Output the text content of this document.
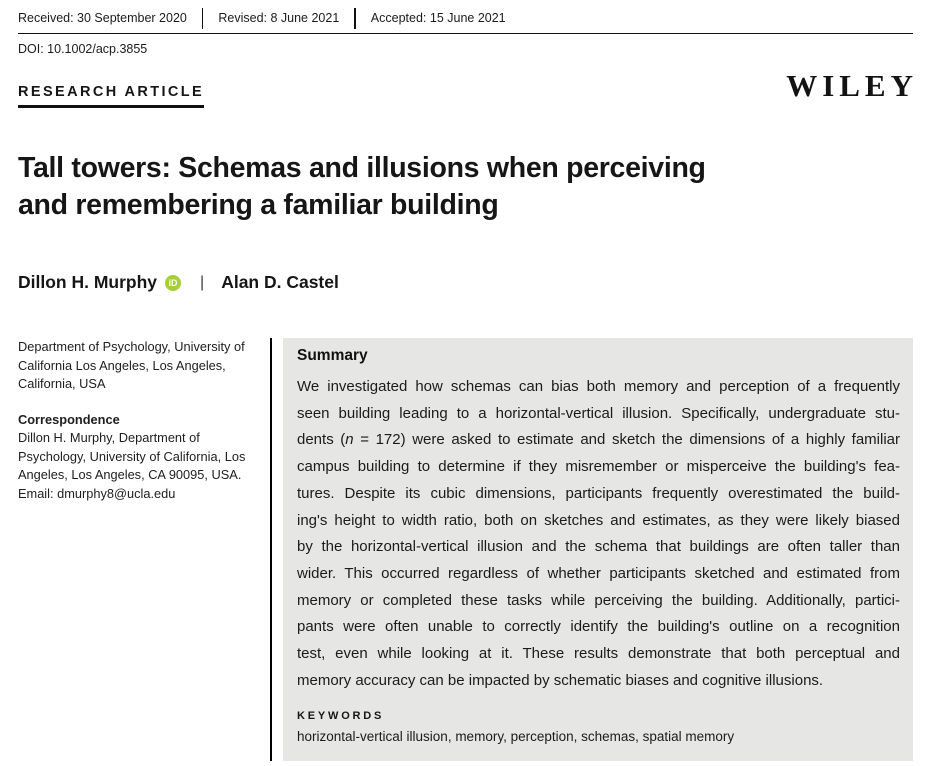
Received: 30 September 2020	Revised: 8 June 2021	Accepted: 15 June 2021
DOI: 10.1002/acp.3855
RESEARCH ARTICLE	WILEY
Tall towers: Schemas and illusions when perceiving
and remembering a familiar building
Dillon H. Murphy	iD | Alan D. Castel
Department of Psychology, University of California Los Angeles, Los Angeles, California, USA
Correspondence
Dillon H. Murphy, Department of Psychology, University of California, Los Angeles, Los Angeles, CA 90095, USA.
Email: dmurphy8@ucla.edu
Summary
We investigated how schemas can bias both memory and perception of a frequently
seen building leading to a horizontal-vertical illusion. Specifically, undergraduate stu-
dents (n = 172) were asked to estimate and sketch the dimensions of a highly familiar
campus building to determine if they misremember or misperceive the building's fea-
tures. Despite its cubic dimensions, participants frequently overestimated the build-
ing's height to width ratio, both on sketches and estimates, as they were likely biased
by the horizontal-vertical illusion and the schema that buildings are often taller than
wider. This occurred regardless of whether participants sketched and estimated from
memory or completed these tasks while perceiving the building. Additionally, partici-
pants were often unable to correctly identify the building's outline on a recognition
test, even while looking at it. These results demonstrate that both perceptual and
memory accuracy can be impacted by schematic biases and cognitive illusions.
KEYWORDS
horizontal-vertical illusion, memory, perception, schemas, spatial memory
